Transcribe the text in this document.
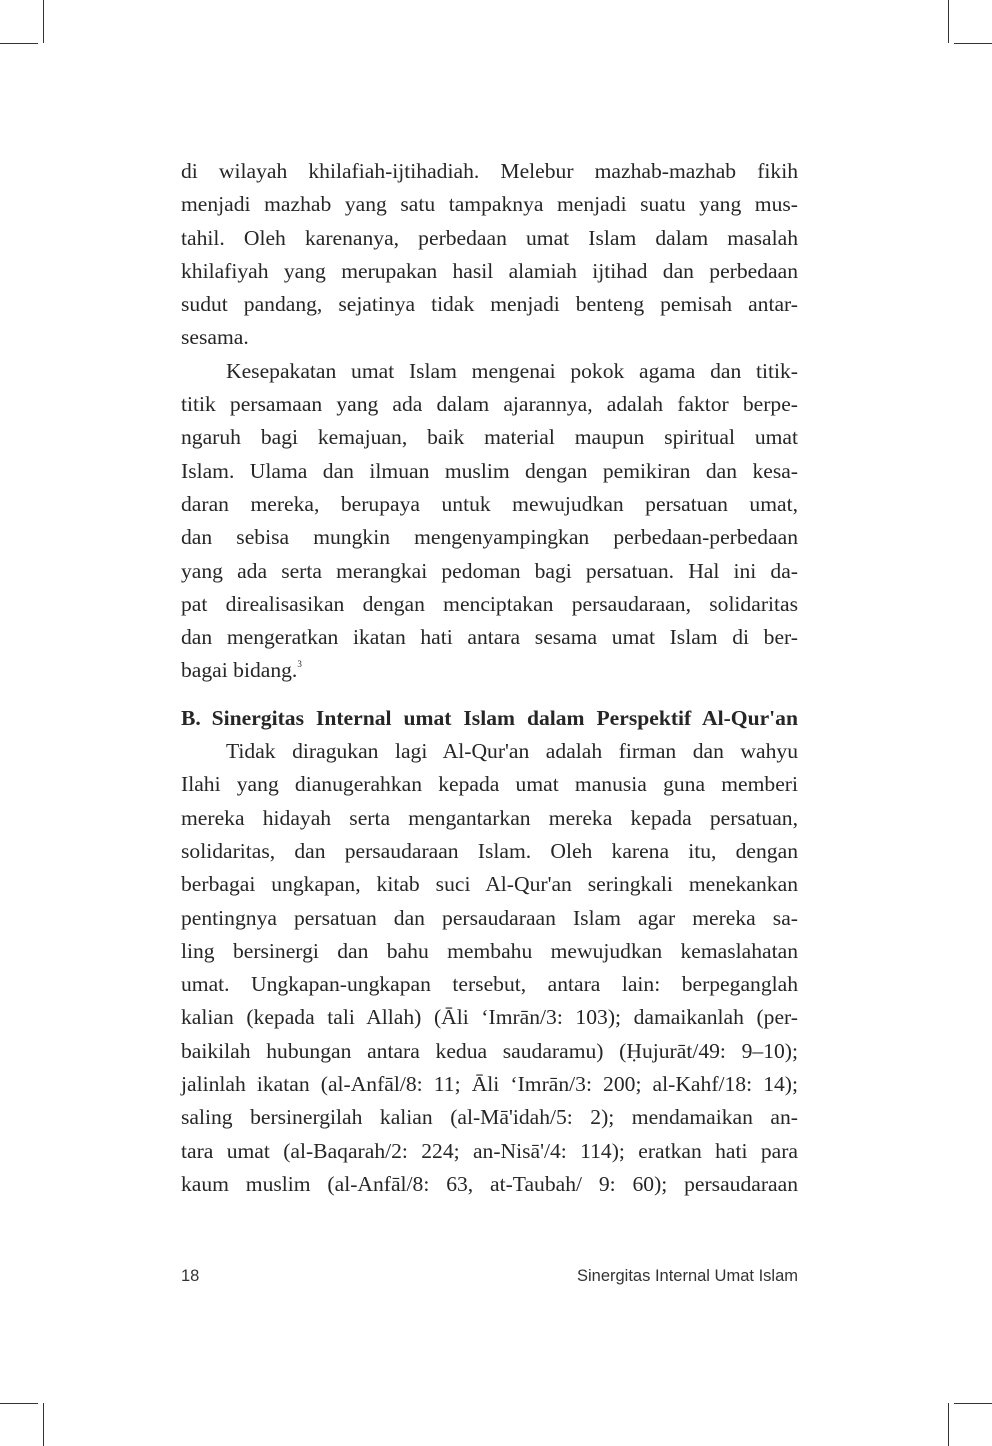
di wilayah khilafiah-ijtihadiah. Melebur mazhab-mazhab fikih
menjadi mazhab yang satu tampaknya menjadi suatu yang mus-
tahil. Oleh karenanya, perbedaan umat Islam dalam masalah
khilafiyah yang merupakan hasil alamiah ijtihad dan perbedaan
sudut pandang, sejatinya tidak menjadi benteng pemisah antar-
sesama.
Kesepakatan umat Islam mengenai pokok agama dan titik-
titik persamaan yang ada dalam ajarannya, adalah faktor berpe-
ngaruh bagi kemajuan, baik material maupun spiritual umat
Islam. Ulama dan ilmuan muslim dengan pemikiran dan kesa-
daran mereka, berupaya untuk mewujudkan persatuan umat,
dan sebisa mungkin mengenyampingkan perbedaan-perbedaan
yang ada serta merangkai pedoman bagi persatuan. Hal ini da-
pat direalisasikan dengan menciptakan persaudaraan, solidaritas
dan mengeratkan ikatan hati antara sesama umat Islam di ber-
bagai bidang.$^3$
B. Sinergitas Internal umat Islam dalam Perspektif Al-Qur'an
Tidak diragukan lagi Al-Qur'an adalah firman dan wahyu
Ilahi yang dianugerahkan kepada umat manusia guna memberi
mereka hidayah serta mengantarkan mereka kepada persatuan,
solidaritas, dan persaudaraan Islam. Oleh karena itu, dengan
berbagai ungkapan, kitab suci Al-Qur'an seringkali menekankan
pentingnya persatuan dan persaudaraan Islam agar mereka sa-
ling bersinergi dan bahu membahu mewujudkan kemaslahatan
umat. Ungkapan-ungkapan tersebut, antara lain: berpeganglah
kalian (kepada tali Allah) (Āli ʻImrān/3: 103); damaikanlah (per-
baikilah hubungan antara kedua saudaramu) (Ḥujurāt/49: 9–10);
jalinlah ikatan (al-Anfāl/8: 11; Āli ʻImrān/3: 200; al-Kahf/18: 14);
saling bersinergilah kalian (al-Mā'idah/5: 2); mendamaikan an-
tara umat (al-Baqarah/2: 224; an-Nisā'/4: 114); eratkan hati para
kaum muslim (al-Anfāl/8: 63, at-Taubah/ 9: 60); persaudaraan
18	Sinergitas Internal Umat Islam
